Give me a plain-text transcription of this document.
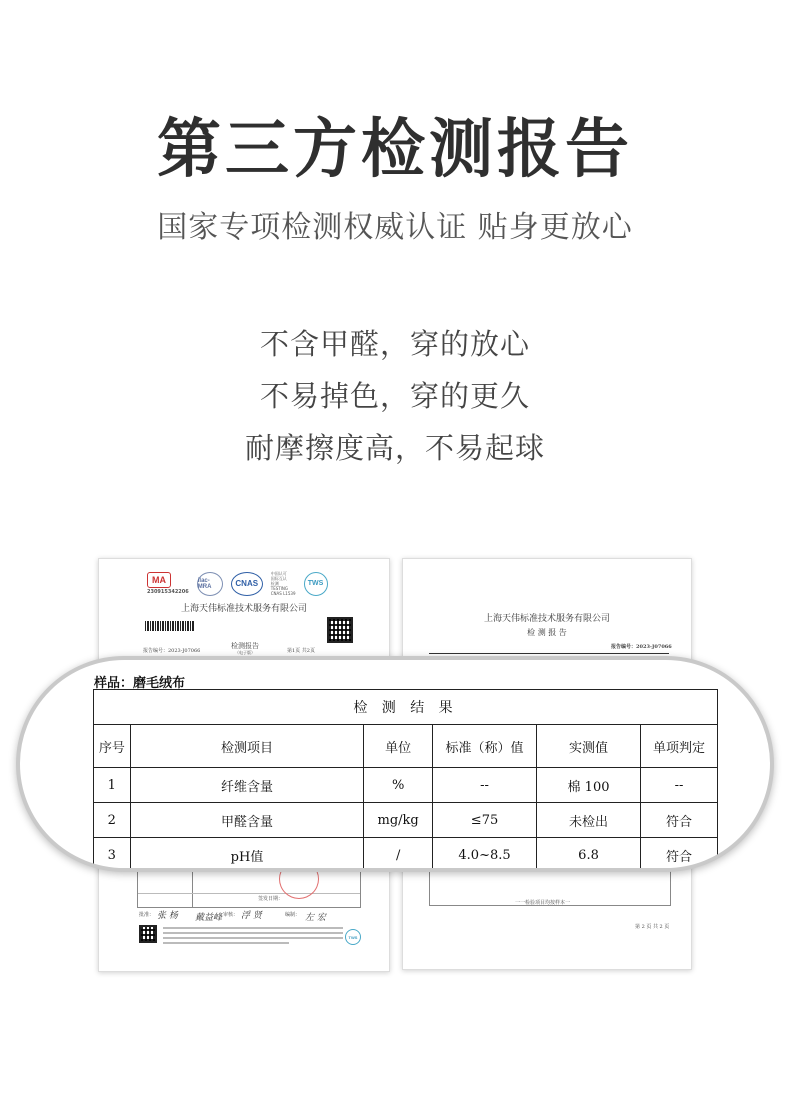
第三方检测报告
国家专项检测权威认证 贴身更放心
不含甲醛，穿的放心
不易掉色，穿的更久
耐摩擦度高，不易起球
MA
230915342206
ilac-MRA	CNAS
中国认可
国际互认
检测
TESTING
CNAS L1539
TWS
上海天伟标准技术服务有限公司
报告编号：2023-J07066
检测报告
（电子版）	第1页 共2页
签发日期：
批准： 张 杨 戴益峰 审核： 浮 贤	编制： 左 宏
TWS
上海天伟标准技术服务有限公司
检 测 报 告
报告编号：2023-J07066
一一检验项目均按样本一
第 2 页 共 2 页
样品：磨毛绒布
检 测 结 果					
序号	检测项目	单位	标准（称）值	实测值	单项判定
1	纤维含量	%	--	棉 100	--
2	甲醛含量	mg/kg	≤75	未检出	符合
3	pH值	/	4.0~8.5	6.8	符合
